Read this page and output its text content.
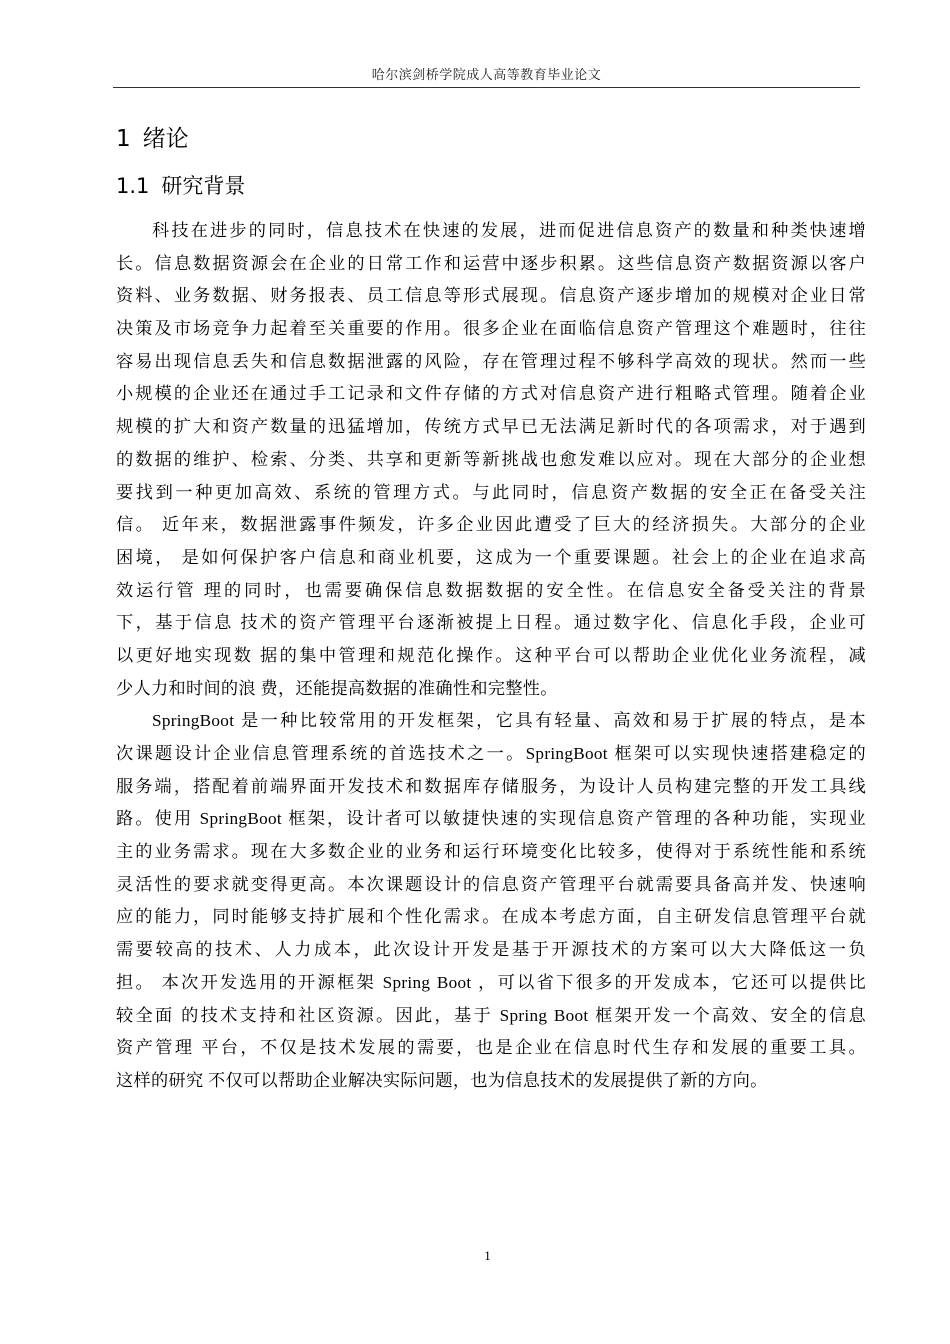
哈尔滨剑桥学院成人高等教育毕业论文
1 绪论
1.1 研究背景
科技在进步的同时，信息技术在快速的发展，进而促进信息资产的数量和种类快速增
长。信息数据资源会在企业的日常工作和运营中逐步积累。这些信息资产数据资源以客户
资料、业务数据、财务报表、员工信息等形式展现。信息资产逐步增加的规模对企业日常
决策及市场竞争力起着至关重要的作用。很多企业在面临信息资产管理这个难题时，往往
容易出现信息丢失和信息数据泄露的风险，存在管理过程不够科学高效的现状。然而一些
小规模的企业还在通过手工记录和文件存储的方式对信息资产进行粗略式管理。随着企业
规模的扩大和资产数量的迅猛增加，传统方式早已无法满足新时代的各项需求，对于遇到
的数据的维护、检索、分类、共享和更新等新挑战也愈发难以应对。现在大部分的企业想
要找到一种更加高效、系统的管理方式。与此同时，信息资产数据的安全正在备受关注
信。 近年来，数据泄露事件频发，许多企业因此遭受了巨大的经济损失。大部分的企业
困境， 是如何保护客户信息和商业机要，这成为一个重要课题。社会上的企业在追求高
效运行管 理的同时，也需要确保信息数据数据的安全性。在信息安全备受关注的背景
下，基于信息 技术的资产管理平台逐渐被提上日程。通过数字化、信息化手段，企业可
以更好地实现数 据的集中管理和规范化操作。这种平台可以帮助企业优化业务流程，减
少人力和时间的浪 费，还能提高数据的准确性和完整性。
SpringBoot 是一种比较常用的开发框架，它具有轻量、高效和易于扩展的特点，是本
次课题设计企业信息管理系统的首选技术之一。SpringBoot 框架可以实现快速搭建稳定的
服务端，搭配着前端界面开发技术和数据库存储服务，为设计人员构建完整的开发工具线
路。使用 SpringBoot 框架，设计者可以敏捷快速的实现信息资产管理的各种功能，实现业
主的业务需求。现在大多数企业的业务和运行环境变化比较多，使得对于系统性能和系统
灵活性的要求就变得更高。本次课题设计的信息资产管理平台就需要具备高并发、快速响
应的能力，同时能够支持扩展和个性化需求。在成本考虑方面，自主研发信息管理平台就
需要较高的技术、人力成本，此次设计开发是基于开源技术的方案可以大大降低这一负
担。 本次开发选用的开源框架 Spring Boot ，可以省下很多的开发成本，它还可以提供比
较全面 的技术支持和社区资源。因此，基于 Spring Boot 框架开发一个高效、安全的信息
资产管理 平台，不仅是技术发展的需要，也是企业在信息时代生存和发展的重要工具。
这样的研究 不仅可以帮助企业解决实际问题，也为信息技术的发展提供了新的方向。
1
